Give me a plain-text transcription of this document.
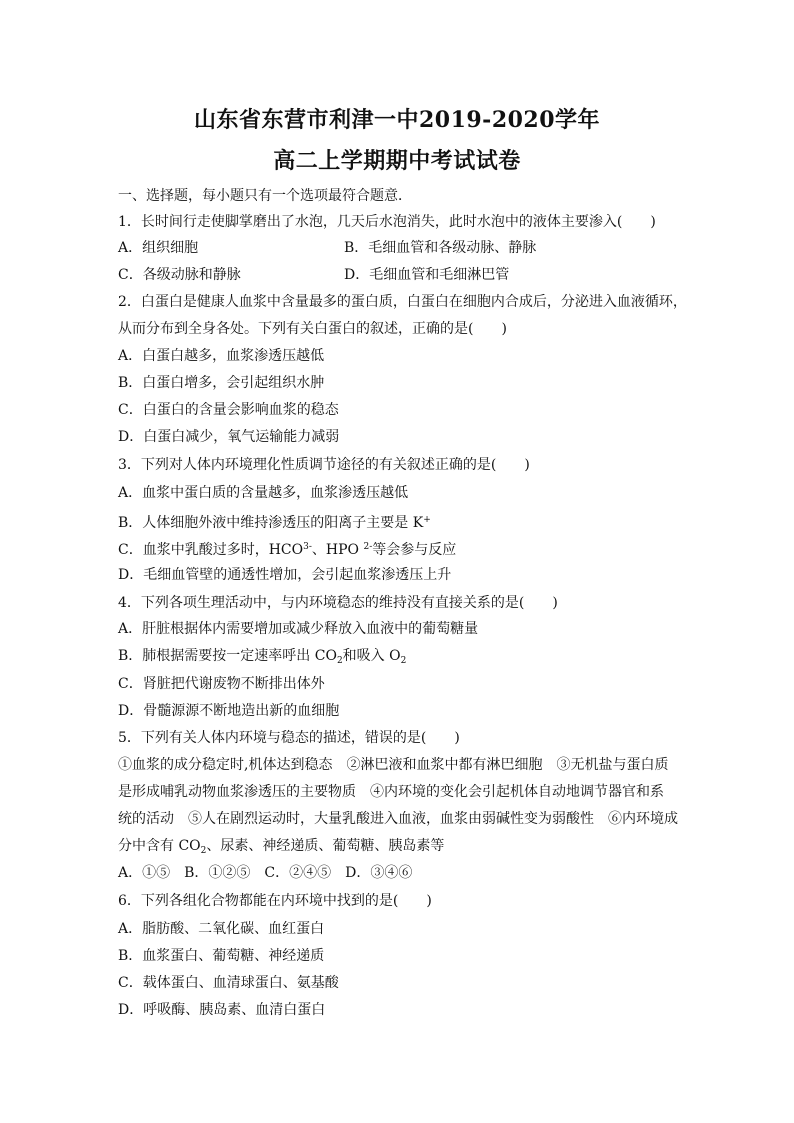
山东省东营市利津一中2019-2020学年
高二上学期期中考试试卷
一、选择题，每小题只有一个选项最符合题意．
1．长时间行走使脚掌磨出了水泡，几天后水泡消失，此时水泡中的液体主要渗入(　　)
A．组织细胞	B．毛细血管和各级动脉、静脉
C．各级动脉和静脉	D．毛细血管和毛细淋巴管
2．白蛋白是健康人血浆中含量最多的蛋白质，白蛋白在细胞内合成后，分泌进入血液循环，
从而分布到全身各处。下列有关白蛋白的叙述，正确的是(　　)
A．白蛋白越多，血浆渗透压越低
B．白蛋白增多，会引起组织水肿
C．白蛋白的含量会影响血浆的稳态
D．白蛋白减少，氧气运输能力减弱
3．下列对人体内环境理化性质调节途径的有关叙述正确的是(　　)
A．血浆中蛋白质的含量越多，血浆渗透压越低
B．人体细胞外液中维持渗透压的阳离子主要是 K+
C．血浆中乳酸过多时，$HCO^{3-}$、HPO $^{2-}$等会参与反应
D．毛细血管壁的通透性增加，会引起血浆渗透压上升
4．下列各项生理活动中，与内环境稳态的维持没有直接关系的是(　　)
A．肝脏根据体内需要增加或减少释放入血液中的葡萄糖量
B．肺根据需要按一定速率呼出 $CO_2$和吸入 $O_2$
C．肾脏把代谢废物不断排出体外
D．骨髓源源不断地造出新的血细胞
5．下列有关人体内环境与稳态的描述，错误的是(　　)
①血浆的成分稳定时,机体达到稳态　②淋巴液和血浆中都有淋巴细胞　③无机盐与蛋白质
是形成哺乳动物血浆渗透压的主要物质　④内环境的变化会引起机体自动地调节器官和系
统的活动　⑤人在剧烈运动时，大量乳酸进入血液，血浆由弱碱性变为弱酸性　⑥内环境成
分中含有 $CO_2$、尿素、神经递质、葡萄糖、胰岛素等
A．①⑤　B．①②⑤　C．②④⑤　D．③④⑥
6．下列各组化合物都能在内环境中找到的是(　　)
A．脂肪酸、二氧化碳、血红蛋白
B．血浆蛋白、葡萄糖、神经递质
C．载体蛋白、血清球蛋白、氨基酸
D．呼吸酶、胰岛素、血清白蛋白
